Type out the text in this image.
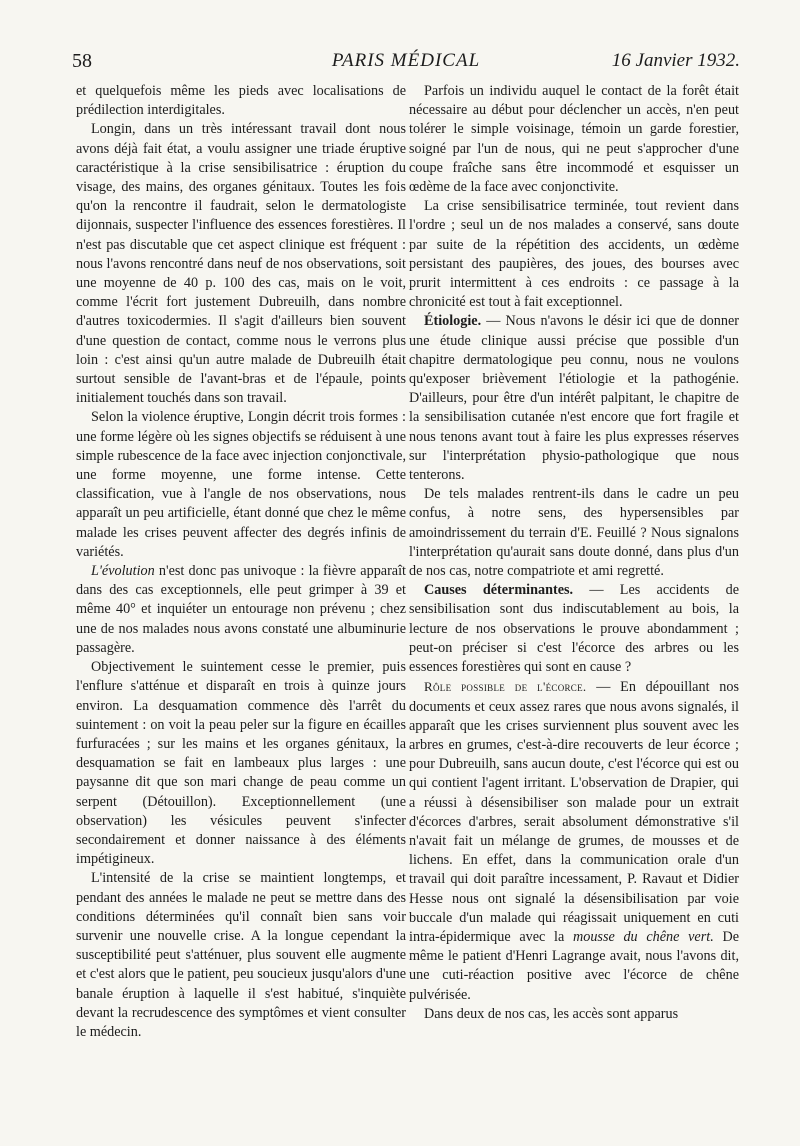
58	PARIS MÉDICAL	16 Janvier 1932.

et quelquefois même les pieds avec localisations de prédilection interdigitales.

Longin, dans un très intéressant travail dont nous avons déjà fait état, a voulu assigner une triade éruptive caractéristique à la crise sensibilisatrice : éruption du visage, des mains, des organes génitaux. Toutes les fois qu'on la rencontre il faudrait, selon le dermatologiste dijonnais, suspecter l'influence des essences forestières. Il n'est pas discutable que cet aspect clinique est fréquent : nous l'avons rencontré dans neuf de nos observations, soit une moyenne de 40 p. 100 des cas, mais on le voit, comme l'écrit fort justement Dubreuilh, dans nombre d'autres toxicodermies. Il s'agit d'ailleurs bien souvent d'une question de contact, comme nous le verrons plus loin : c'est ainsi qu'un autre malade de Dubreuilh était surtout sensible de l'avant-bras et de l'épaule, points initialement touchés dans son travail.

Selon la violence éruptive, Longin décrit trois formes : une forme légère où les signes objectifs se réduisent à une simple rubescence de la face avec injection conjonctivale, une forme moyenne, une forme intense. Cette classification, vue à l'angle de nos observations, nous apparaît un peu artificielle, étant donné que chez le même malade les crises peuvent affecter des degrés infinis de variétés.

L'évolution n'est donc pas univoque : la fièvre apparaît dans des cas exceptionnels, elle peut grimper à 39 et même 40° et inquiéter un entourage non prévenu ; chez une de nos malades nous avons constaté une albuminurie passagère.

Objectivement le suintement cesse le premier, puis l'enflure s'atténue et disparaît en trois à quinze jours environ. La desquamation commence dès l'arrêt du suintement : on voit la peau peler sur la figure en écailles furfuracées ; sur les mains et les organes génitaux, la desquamation se fait en lambeaux plus larges : une paysanne dit que son mari change de peau comme un serpent (Détouillon). Exceptionnellement (une observation) les vésicules peuvent s'infecter secondairement et donner naissance à des éléments impétigineux.

L'intensité de la crise se maintient longtemps, et pendant des années le malade ne peut se mettre dans des conditions déterminées qu'il connaît bien sans voir survenir une nouvelle crise. A la longue cependant la susceptibilité peut s'atténuer, plus souvent elle augmente et c'est alors que le patient, peu soucieux jusqu'alors d'une banale éruption à laquelle il s'est habitué, s'inquiète devant la recrudescence des symptômes et vient consulter le médecin.

Parfois un individu auquel le contact de la forêt était nécessaire au début pour déclencher un accès, n'en peut tolérer le simple voisinage, témoin un garde forestier, soigné par l'un de nous, qui ne peut s'approcher d'une coupe fraîche sans être incommodé et esquisser un œdème de la face avec conjonctivite.

La crise sensibilisatrice terminée, tout revient dans l'ordre ; seul un de nos malades a conservé, sans doute par suite de la répétition des accidents, un œdème persistant des paupières, des joues, des bourses avec prurit intermittent à ces endroits : ce passage à la chronicité est tout à fait exceptionnel.

Étiologie. — Nous n'avons le désir ici que de donner une étude clinique aussi précise que possible d'un chapitre dermatologique peu connu, nous ne voulons qu'exposer brièvement l'étiologie et la pathogénie. D'ailleurs, pour être d'un intérêt palpitant, le chapitre de la sensibilisation cutanée n'est encore que fort fragile et nous tenons avant tout à faire les plus expresses réserves sur l'interprétation physio-pathologique que nous tenterons.

De tels malades rentrent-ils dans le cadre un peu confus, à notre sens, des hypersensibles par amoindrissement du terrain d'E. Feuillé ? Nous signalons l'interprétation qu'aurait sans doute donné, dans plus d'un de nos cas, notre compatriote et ami regretté.

Causes déterminantes. — Les accidents de sensibilisation sont dus indiscutablement au bois, la lecture de nos observations le prouve abondamment ; peut-on préciser si c'est l'écorce des arbres ou les essences forestières qui sont en cause ?

Rôle possible de l'écorce. — En dépouillant nos documents et ceux assez rares que nous avons signalés, il apparaît que les crises surviennent plus souvent avec les arbres en grumes, c'est-à-dire recouverts de leur écorce ; pour Dubreuilh, sans aucun doute, c'est l'écorce qui est ou qui contient l'agent irritant. L'observation de Drapier, qui a réussi à désensibiliser son malade pour un extrait d'écorces d'arbres, serait absolument démonstrative s'il n'avait fait un mélange de grumes, de mousses et de lichens. En effet, dans la communication orale d'un travail qui doit paraître incessament, P. Ravaut et Didier Hesse nous ont signalé la désensibilisation par voie buccale d'un malade qui réagissait uniquement en cuti intra-épidermique avec la mousse du chêne vert. De même le patient d'Henri Lagrange avait, nous l'avons dit, une cuti-réaction positive avec l'écorce de chêne pulvérisée.

Dans deux de nos cas, les accès sont apparus
